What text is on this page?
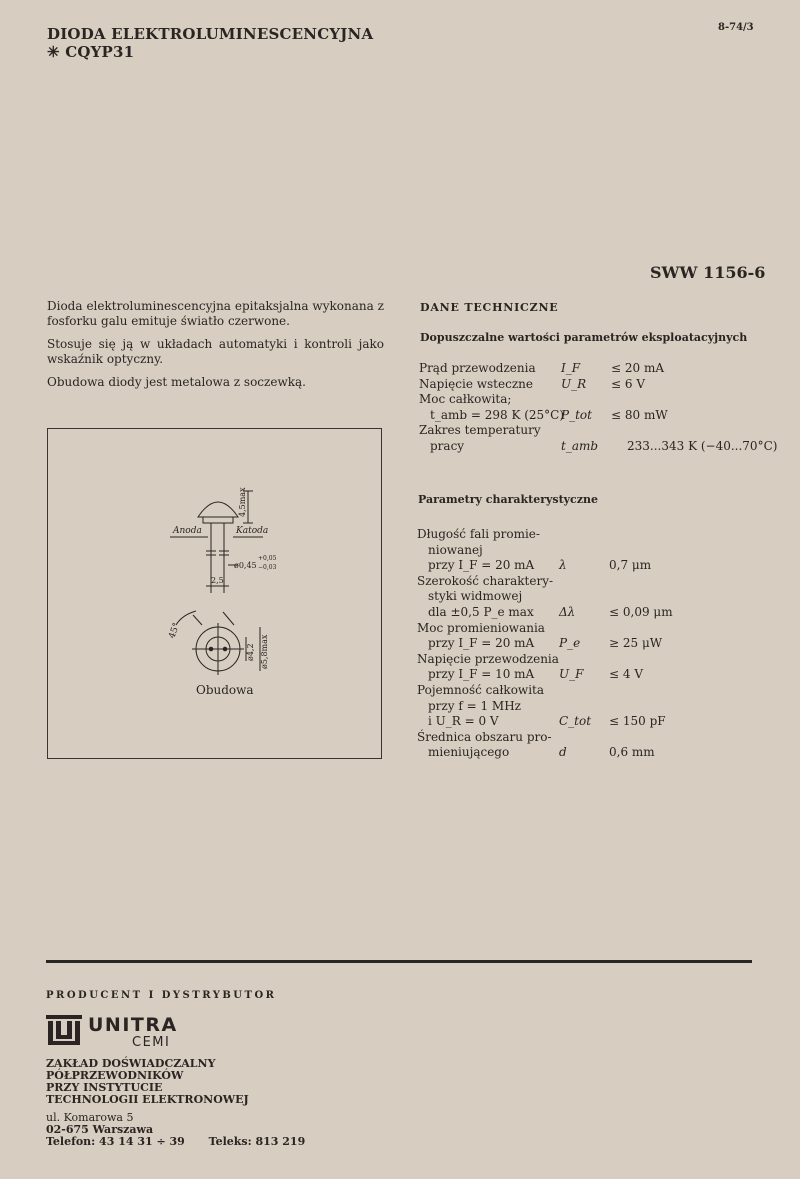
DIODA ELEKTROLUMINESCENCYJNA
✳ CQYP31
8-74/3
SWW 1156-6

Dioda elektroluminescencyjna epitaksjalna wykonana z fosforku galu emituje światło czerwone.

Stosuje się ją w układach automatyki i kontroli jako wskaźnik optyczny.

Obudowa diody jest metalowa z soczewką.

DANE TECHNICZNE
Dopuszczalne wartości parametrów eksploatacyjnych
Prąd przewodzenia I_F	≤ 20 mA
Napięcie wsteczne U_R ≤ 6 V
Moc całkowita;
t_amb = 298 K (25°C)
P_tot ≤ 80 mW
Zakres temperatury
pracy	t_amb 233...343 K (−40...70°C)
Parametry charakterystyczne
Długość fali promie-
niowanej
przy I_F = 20 mA λ	0,7 μm
Szerokość charaktery-
styki widmowej
dla ±0,5 P_e max Δλ	≤ 0,09 μm
Moc promieniowania
przy I_F = 20 mA P_e ≥ 25 μW
Napięcie przewodzenia
przy I_F = 10 mA U_F ≤ 4 V
Pojemność całkowita
przy f = 1 MHz
i U_R = 0 V	C_tot ≤ 150 pF
Średnica obszaru pro-
mieniującego	d	0,6 mm
Anoda	Katoda
4,5max
ø0,45
+0,05
−0,03
2,5
45°
ø4,2 ø5,8max
Obudowa
PRODUCENT I DYSTRYBUTOR
UNITRA
CEMI
ZAKŁAD DOŚWIADCZALNY
PÓŁPRZEWODNIKÓW
PRZY INSTYTUCIE
TECHNOLOGII ELEKTRONOWEJ
ul. Komarowa 5
02-675 Warszawa
Telefon: 43 14 31 ÷ 39 Teleks: 813 219
